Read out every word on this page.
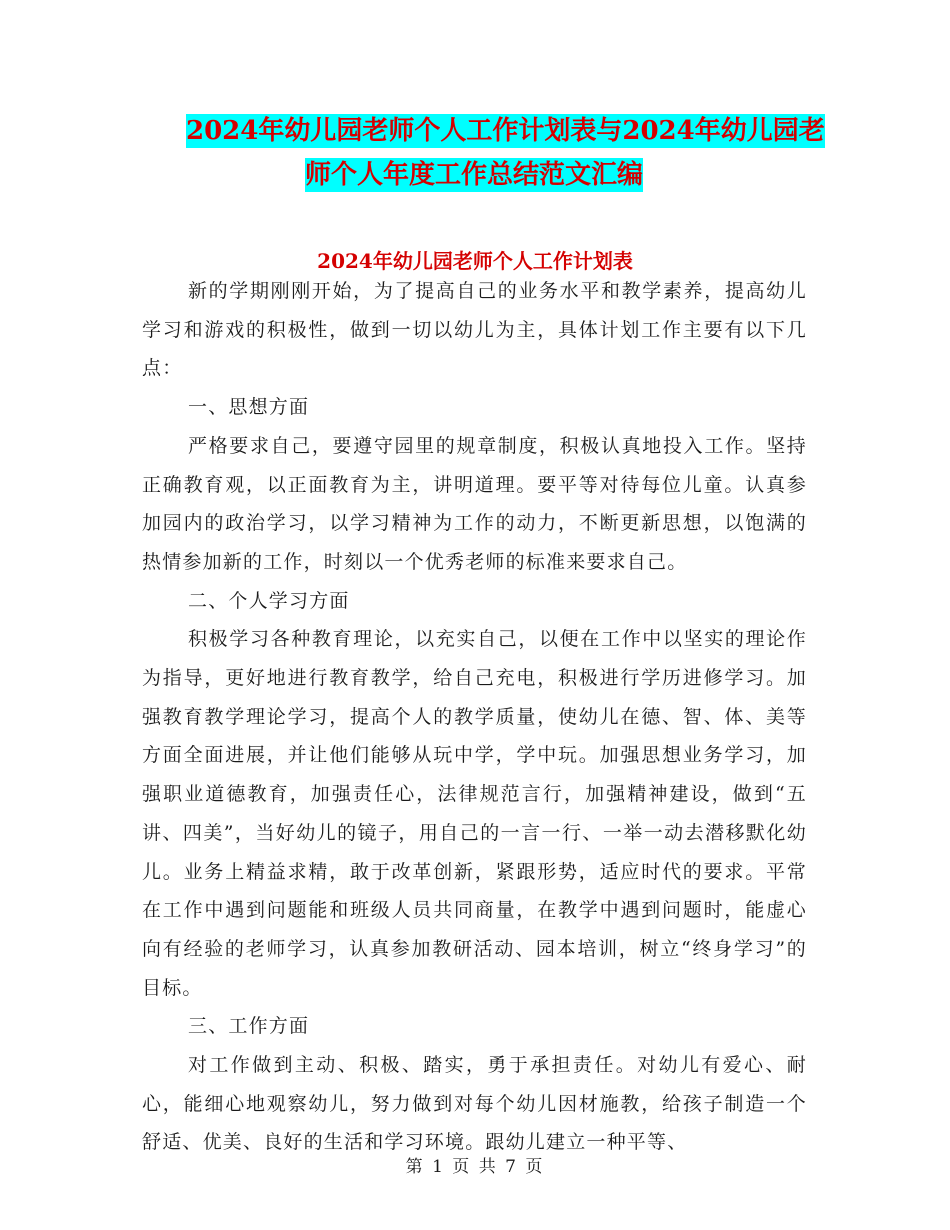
2024年幼儿园老师个人工作计划表与2024年幼儿园老
师个人年度工作总结范文汇编
2024年幼儿园老师个人工作计划表

新的学期刚刚开始，为了提高自己的业务水平和教学素养，提高幼儿学习和游戏的积极性，做到一切以幼儿为主，具体计划工作主要有以下几点：

一、思想方面

严格要求自己，要遵守园里的规章制度，积极认真地投入工作。坚持正确教育观，以正面教育为主，讲明道理。要平等对待每位儿童。认真参加园内的政治学习，以学习精神为工作的动力，不断更新思想，以饱满的热情参加新的工作，时刻以一个优秀老师的标准来要求自己。

二、个人学习方面

积极学习各种教育理论，以充实自己，以便在工作中以坚实的理论作为指导，更好地进行教育教学，给自己充电，积极进行学历进修学习。加强教育教学理论学习，提高个人的教学质量，使幼儿在德、智、体、美等方面全面进展，并让他们能够从玩中学，学中玩。加强思想业务学习，加强职业道德教育，加强责任心，法律规范言行，加强精神建设，做到“五讲、四美”，当好幼儿的镜子，用自己的一言一行、一举一动去潜移默化幼儿。业务上精益求精，敢于改革创新，紧跟形势，适应时代的要求。平常在工作中遇到问题能和班级人员共同商量，在教学中遇到问题时，能虚心向有经验的老师学习，认真参加教研活动、园本培训，树立“终身学习”的目标。

三、工作方面

对工作做到主动、积极、踏实，勇于承担责任。对幼儿有爱心、耐心，能细心地观察幼儿，努力做到对每个幼儿因材施教，给孩子制造一个舒适、优美、良好的生活和学习环境。跟幼儿建立一种平等、

第 1 页 共 7 页
